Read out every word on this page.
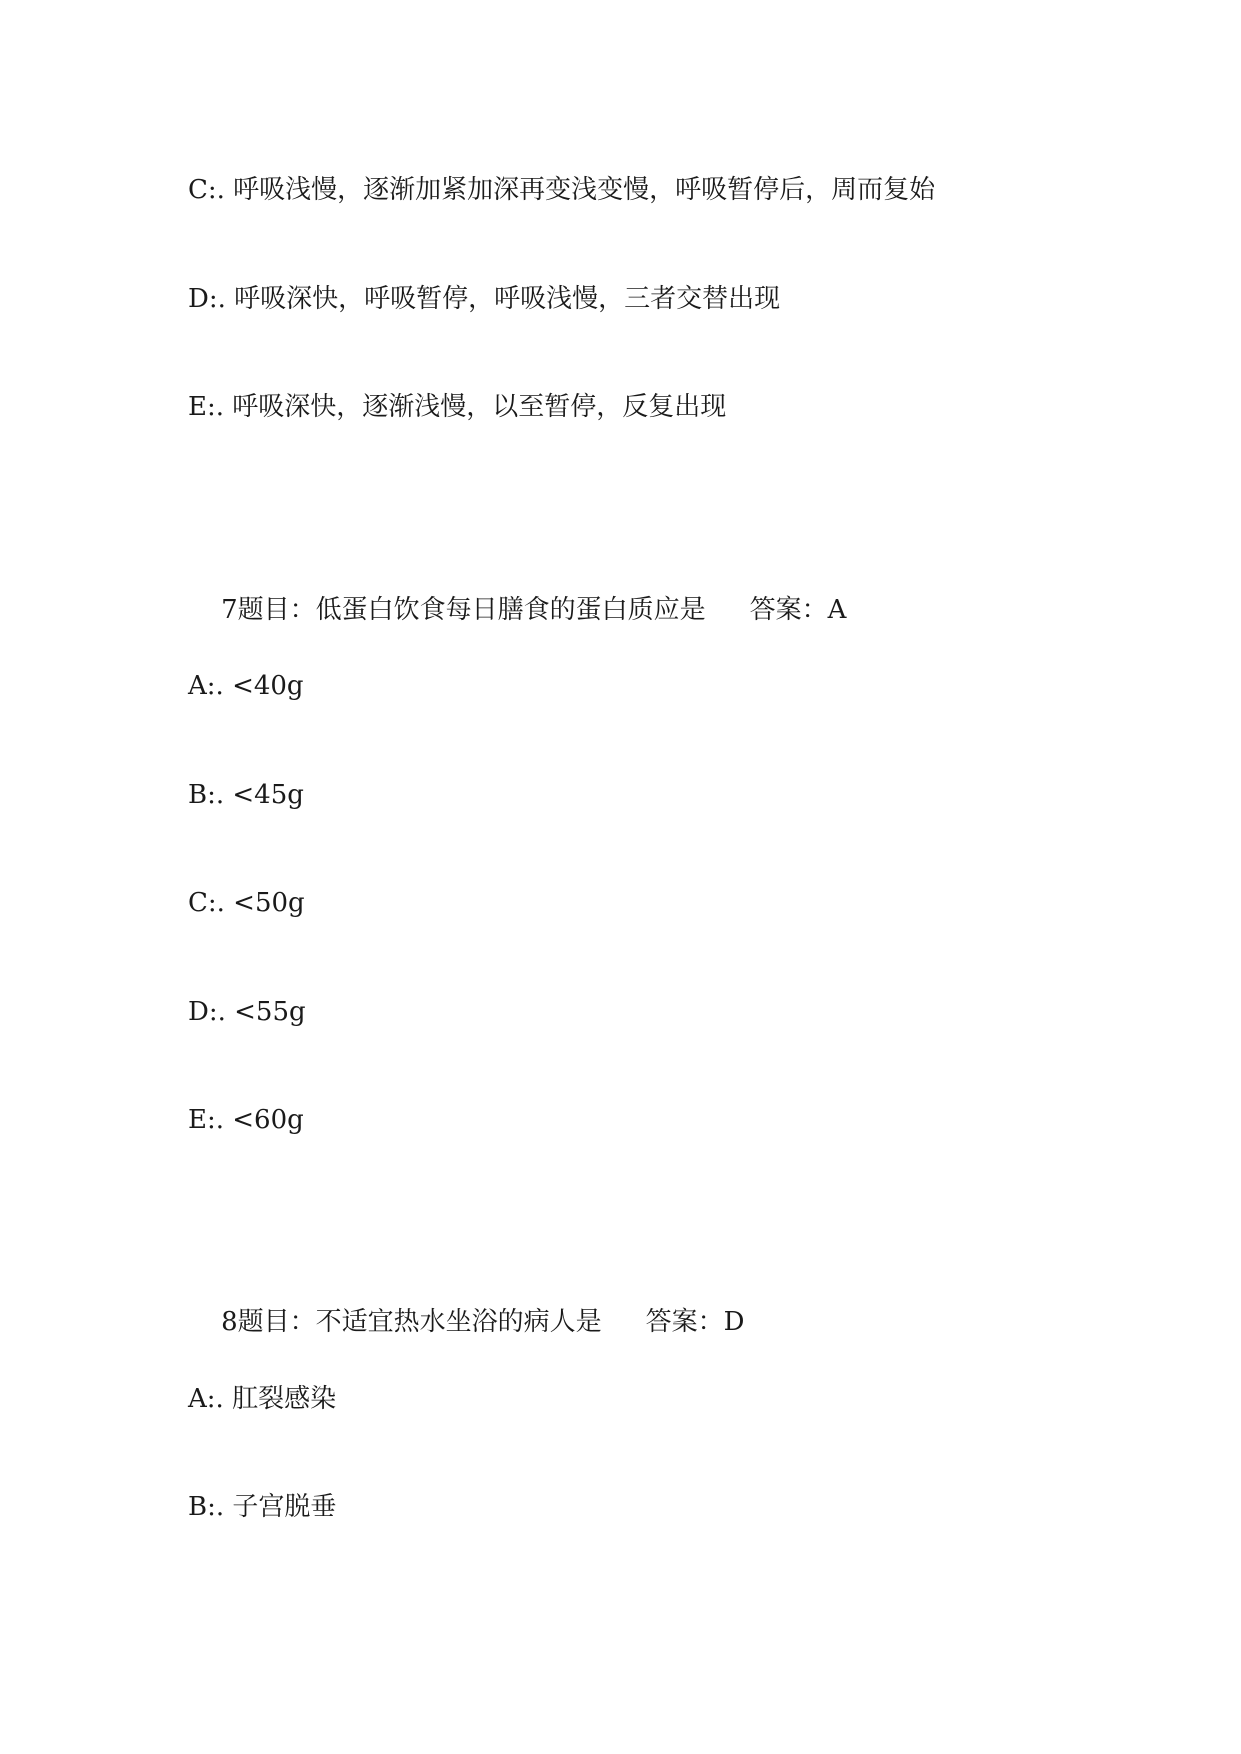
C:. 呼吸浅慢，逐渐加紧加深再变浅变慢，呼吸暂停后，周而复始
D:. 呼吸深快，呼吸暂停，呼吸浅慢，三者交替出现
E:. 呼吸深快，逐渐浅慢，以至暂停，反复出现

7题目：低蛋白饮食每日膳食的蛋白质应是 答案：A

A:. <40g
B:. <45g
C:. <50g
D:. <55g
E:. <60g

8题目：不适宜热水坐浴的病人是 答案：D

A:. 肛裂感染
B:. 子宫脱垂
